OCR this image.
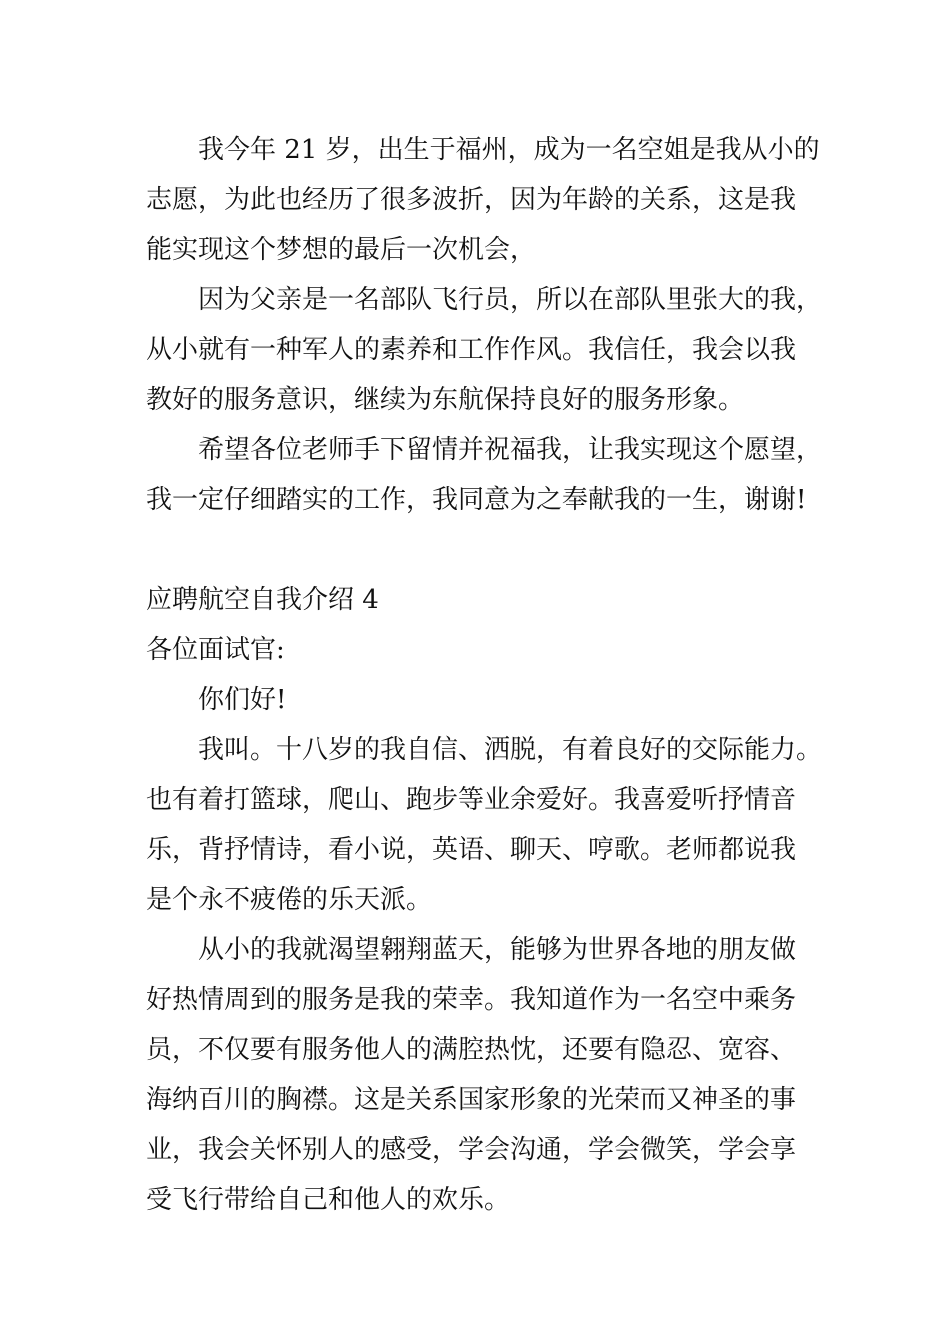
我今年 21 岁，出生于福州，成为一名空姐是我从小的
志愿，为此也经历了很多波折，因为年龄的关系，这是我
能实现这个梦想的最后一次机会，
因为父亲是一名部队飞行员，所以在部队里张大的我，
从小就有一种军人的素养和工作作风。我信任，我会以我
教好的服务意识，继续为东航保持良好的服务形象。
希望各位老师手下留情并祝福我，让我实现这个愿望，
我一定仔细踏实的工作，我同意为之奉献我的一生，谢谢!
应聘航空自我介绍 4
各位面试官:
你们好!
我叫。十八岁的我自信、洒脱，有着良好的交际能力。
也有着打篮球，爬山、跑步等业余爱好。我喜爱听抒情音
乐，背抒情诗，看小说，英语、聊天、哼歌。老师都说我
是个永不疲倦的乐天派。
从小的我就渴望翱翔蓝天，能够为世界各地的朋友做
好热情周到的服务是我的荣幸。我知道作为一名空中乘务
员，不仅要有服务他人的满腔热忱，还要有隐忍、宽容、
海纳百川的胸襟。这是关系国家形象的光荣而又神圣的事
业，我会关怀别人的感受，学会沟通，学会微笑，学会享
受飞行带给自己和他人的欢乐。
